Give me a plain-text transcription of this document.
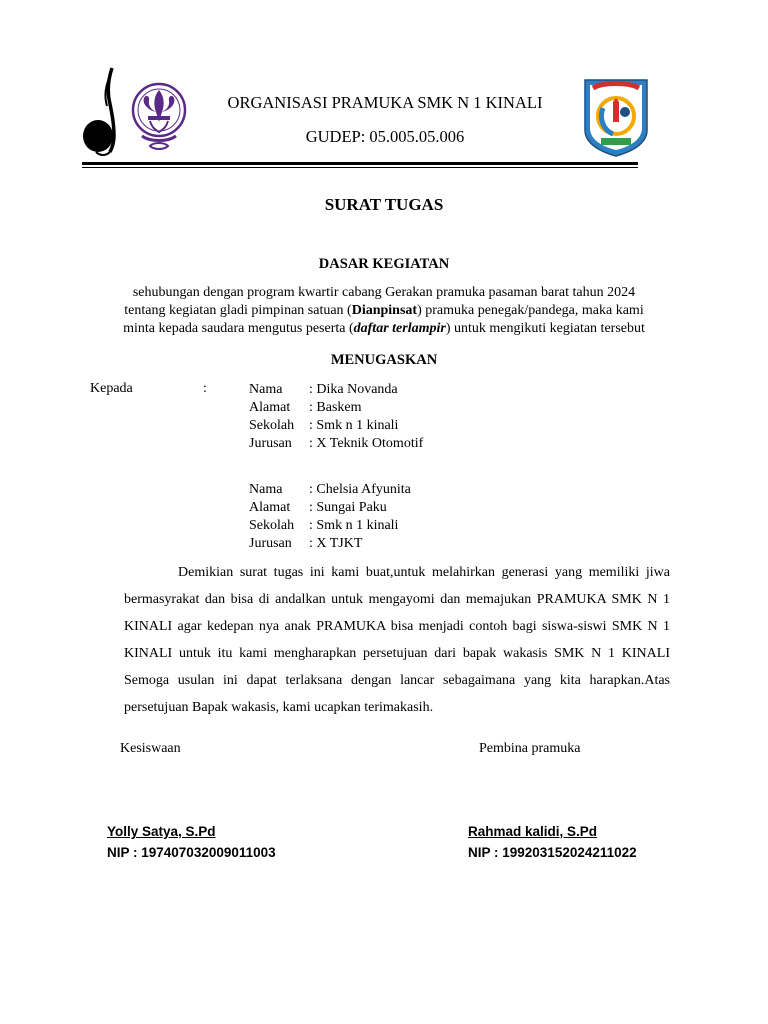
ORGANISASI PRAMUKA SMK N 1 KINALI
GUDEP: 05.005.05.006
SURAT TUGAS
DASAR KEGIATAN
sehubungan dengan program kwartir cabang Gerakan pramuka pasaman barat tahun 2024
tentang kegiatan gladi pimpinan satuan (Dianpinsat) pramuka penegak/pandega, maka kami
minta kepada saudara mengutus peserta (daftar terlampir) untuk mengikuti kegiatan tersebut
MENUGASKAN
Kepada	:	Nama	: Dika Novanda
Alamat	: Baskem
Sekolah	: Smk n 1 kinali
Jurusan	: X Teknik Otomotif
Nama	: Chelsia Afyunita
Alamat	: Sungai Paku
Sekolah	: Smk n 1 kinali
Jurusan	: X TJKT
Demikian surat tugas ini kami buat,untuk melahirkan generasi yang memiliki jiwa bermasyrakat dan bisa di andalkan untuk mengayomi dan memajukan PRAMUKA SMK N 1 KINALI agar kedepan nya anak PRAMUKA bisa menjadi contoh bagi siswa-siswi SMK N 1 KINALI untuk itu kami mengharapkan persetujuan dari bapak wakasis SMK N 1 KINALI Semoga usulan ini dapat terlaksana dengan lancar sebagaimana yang kita harapkan.Atas persetujuan Bapak wakasis, kami ucapkan terimakasih.
Kesiswaan	Pembina pramuka
Yolly Satya, S.Pd
NIP : 197407032009011003
Rahmad kalidi, S.Pd
NIP : 199203152024211022
